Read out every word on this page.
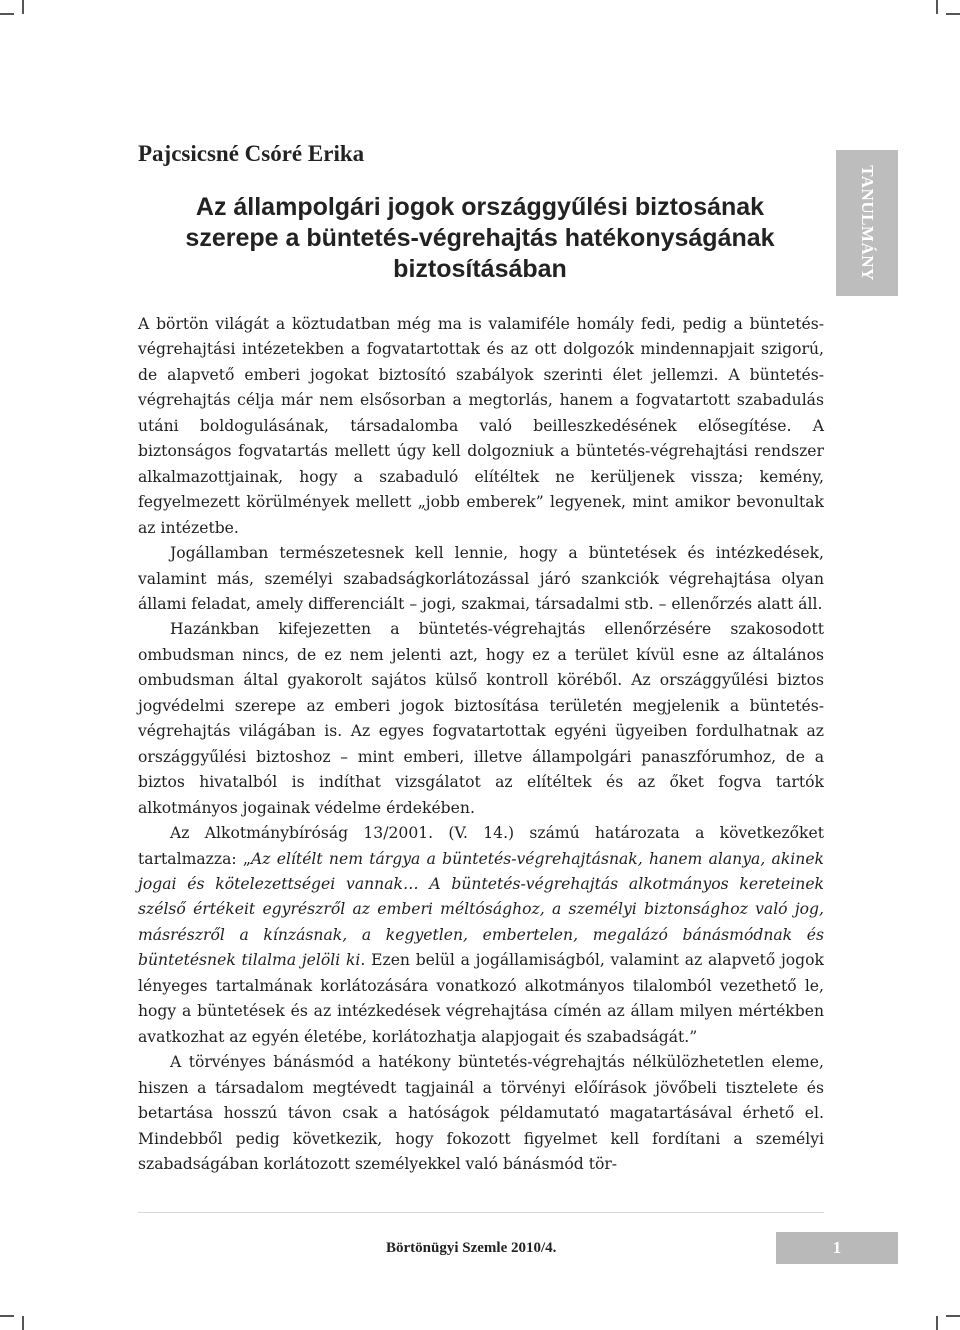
Pajcsicsné Csóré Erika
Az állampolgári jogok országgyűlési biztosának szerepe a büntetés-végrehajtás hatékonyságának biztosításában	TANULMÁNY

A börtön világát a köztudatban még ma is valamiféle homály fedi, pedig a büntetés-végrehajtási intézetekben a fogvatartottak és az ott dolgozók mindennapjait szigorú, de alapvető emberi jogokat biztosító szabályok szerinti élet jellemzi. A büntetés-végrehajtás célja már nem elsősorban a megtorlás, hanem a fogvatartott szabadulás utáni boldogulásának, társadalomba való beilleszkedésének elősegítése. A biztonságos fogvatartás mellett úgy kell dolgozniuk a büntetés-végrehajtási rendszer alkalmazottjainak, hogy a szabaduló elítéltek ne kerüljenek vissza; kemény, fegyelmezett körülmények mellett „jobb emberek” legyenek, mint amikor bevonultak az intézetbe.

Jogállamban természetesnek kell lennie, hogy a büntetések és intézkedések, valamint más, személyi szabadságkorlátozással járó szankciók végrehajtása olyan állami feladat, amely differenciált – jogi, szakmai, társadalmi stb. – ellenőrzés alatt áll.

Hazánkban kifejezetten a büntetés-végrehajtás ellenőrzésére szakosodott ombudsman nincs, de ez nem jelenti azt, hogy ez a terület kívül esne az általános ombudsman által gyakorolt sajátos külső kontroll köréből. Az országgyűlési biztos jogvédelmi szerepe az emberi jogok biztosítása területén megjelenik a büntetés-végrehajtás világában is. Az egyes fogvatartottak egyéni ügyeiben fordulhatnak az országgyűlési biztoshoz – mint emberi, illetve állampolgári panaszfórumhoz, de a biztos hivatalból is indíthat vizsgálatot az elítéltek és az őket fogva tartók alkotmányos jogainak védelme érdekében.

Az Alkotmánybíróság 13/2001. (V. 14.) számú határozata a következőket tartalmazza: „Az elítélt nem tárgya a büntetés-végrehajtásnak, hanem alanya, akinek jogai és kötelezettségei vannak… A büntetés-végrehajtás alkotmányos kereteinek szélső értékeit egyrészről az emberi méltósághoz, a személyi biztonsághoz való jog, másrészről a kínzásnak, a kegyetlen, embertelen, megalázó bánásmódnak és büntetésnek tilalma jelöli ki. Ezen belül a jogállamiságból, valamint az alapvető jogok lényeges tartalmának korlátozására vonatkozó alkotmányos tilalomból vezethető le, hogy a büntetések és az intézkedések végrehajtása címén az állam milyen mértékben avatkozhat az egyén életébe, korlátozhatja alapjogait és szabadságát.”

A törvényes bánásmód a hatékony büntetés-végrehajtás nélkülözhetetlen eleme, hiszen a társadalom megtévedt tagjainál a törvényi előírások jövőbeli tisztelete és betartása hosszú távon csak a hatóságok példamutató magatartásával érhető el. Mindebből pedig következik, hogy fokozott figyelmet kell fordítani a személyi szabadságában korlátozott személyekkel való bánásmód tör-

Börtönügyi Szemle 2010/4.	1
